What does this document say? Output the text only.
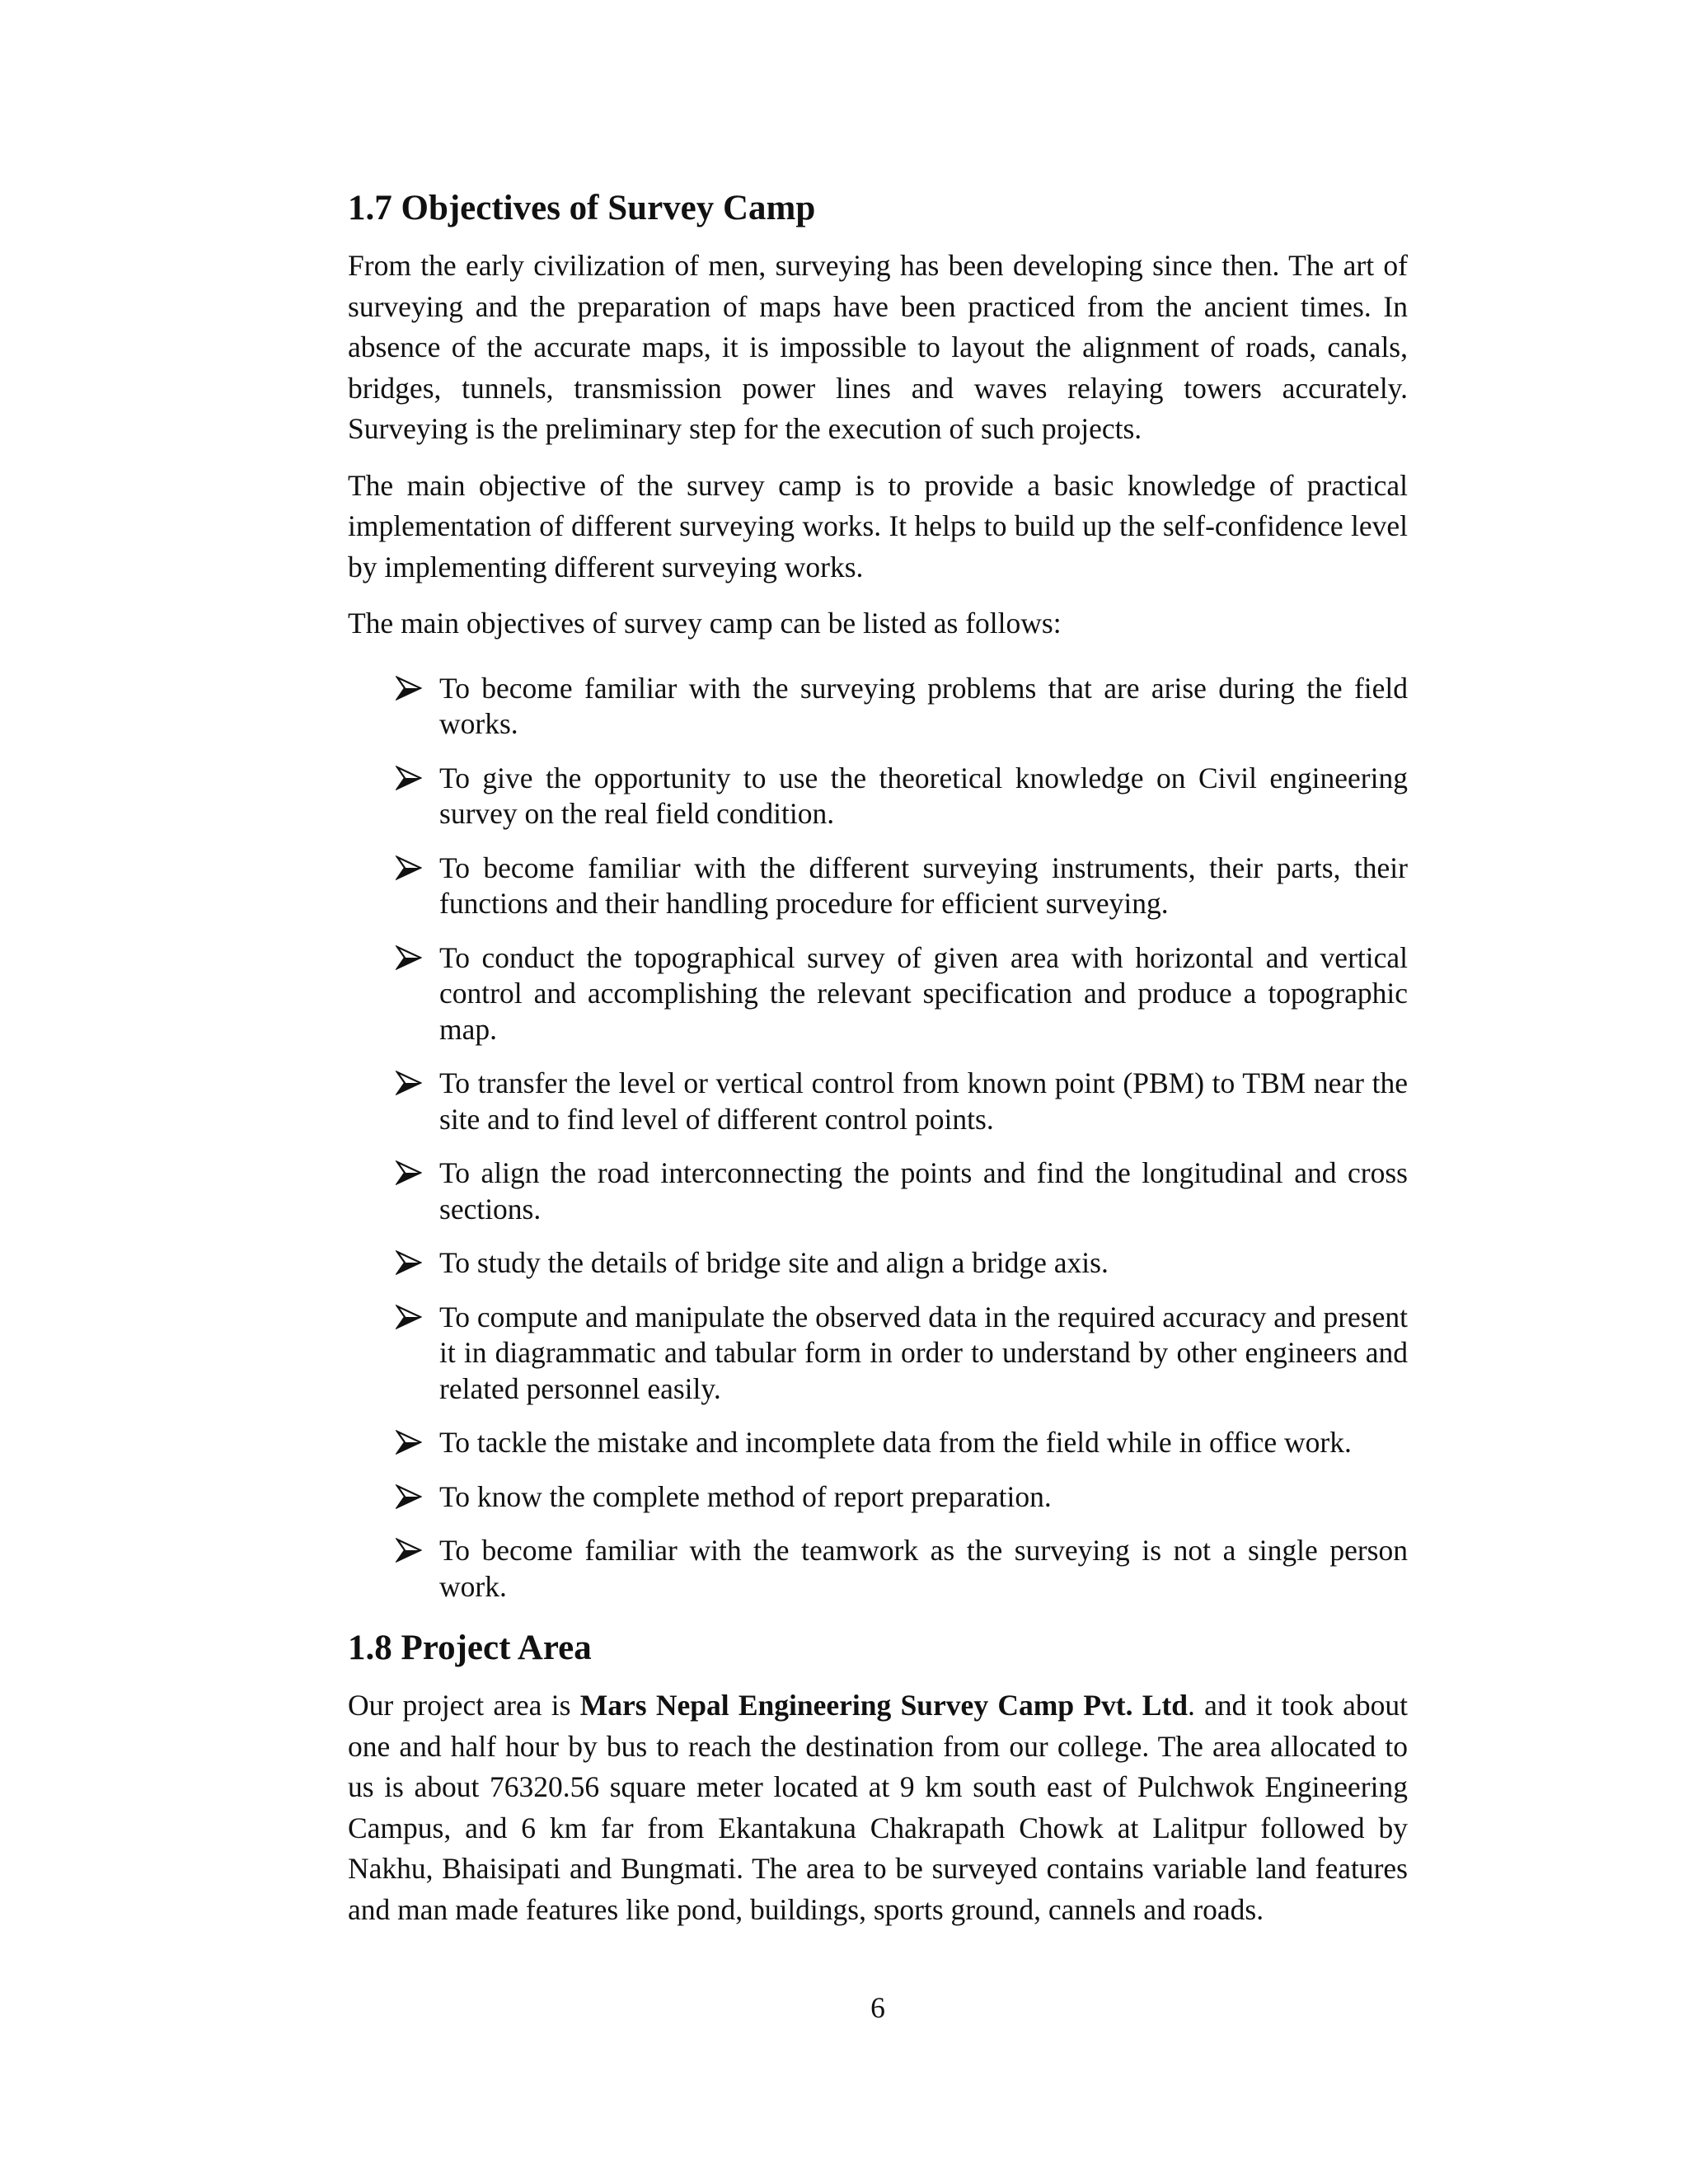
1.7 Objectives of Survey Camp

From the early civilization of men, surveying has been developing since then. The art of surveying and the preparation of maps have been practiced from the ancient times. In absence of the accurate maps, it is impossible to layout the alignment of roads, canals, bridges, tunnels, transmission power lines and waves relaying towers accurately. Surveying is the preliminary step for the execution of such projects.

The main objective of the survey camp is to provide a basic knowledge of practical implementation of different surveying works. It helps to build up the self-confidence level by implementing different surveying works.

The main objectives of survey camp can be listed as follows:

To become familiar with the surveying problems that are arise during the field works.
To give the opportunity to use the theoretical knowledge on Civil engineering survey on the real field condition.
To become familiar with the different surveying instruments, their parts, their functions and their handling procedure for efficient surveying.
To conduct the topographical survey of given area with horizontal and vertical control and accomplishing the relevant specification and produce a topographic map.
To transfer the level or vertical control from known point (PBM) to TBM near the site and to find level of different control points.
To align the road interconnecting the points and find the longitudinal and cross sections.
To study the details of bridge site and align a bridge axis.
To compute and manipulate the observed data in the required accuracy and present it in diagrammatic and tabular form in order to understand by other engineers and related personnel easily.
To tackle the mistake and incomplete data from the field while in office work.
To know the complete method of report preparation.
To become familiar with the teamwork as the surveying is not a single person work.
1.8 Project Area

Our project area is Mars Nepal Engineering Survey Camp Pvt. Ltd. and it took about one and half hour by bus to reach the destination from our college. The area allocated to us is about 76320.56 square meter located at 9 km south east of Pulchwok Engineering Campus, and 6 km far from Ekantakuna Chakrapath Chowk at Lalitpur followed by Nakhu, Bhaisipati and Bungmati. The area to be surveyed contains variable land features and man made features like pond, buildings, sports ground, cannels and roads.

6
